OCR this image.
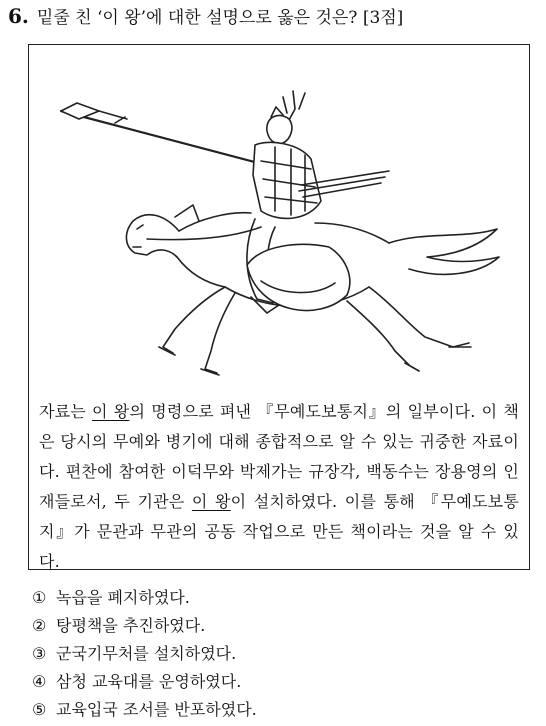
6. 밑줄 친 ‘이 왕’에 대한 설명으로 옳은 것은? [3점]
자료는 이 왕의 명령으로 펴낸 『무예도보통지』의 일부이다. 이 책은 당시의 무예와 병기에 대해 종합적으로 알 수 있는 귀중한 자료이다. 편찬에 참여한 이덕무와 박제가는 규장각, 백동수는 장용영의 인재들로서, 두 기관은 이 왕이 설치하였다. 이를 통해 『무예도보통지』가 문관과 무관의 공동 작업으로 만든 책이라는 것을 알 수 있다.
① 녹읍을 폐지하였다.
② 탕평책을 추진하였다.
③ 군국기무처를 설치하였다.
④ 삼청 교육대를 운영하였다.
⑤ 교육입국 조서를 반포하였다.
